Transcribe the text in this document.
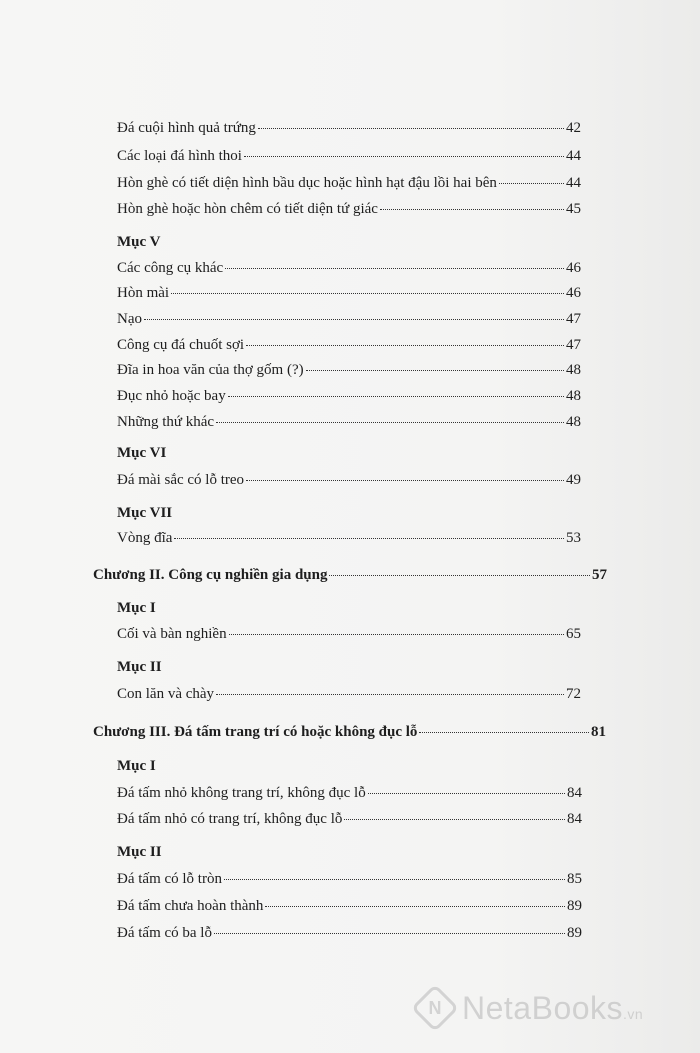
Đá cuội hình quả trứng	42
Các loại đá hình thoi	44
Hòn ghè có tiết diện hình bầu dục hoặc hình hạt đậu lồi hai bên	44
Hòn ghè hoặc hòn chêm có tiết diện tứ giác	45
Mục V
Các công cụ khác	46
Hòn mài	46
Nạo	47
Công cụ đá chuốt sợi	47
Đĩa in hoa văn của thợ gốm (?)	48
Đục nhỏ hoặc bay	48
Những thứ khác	48
Mục VI
Đá mài sắc có lỗ treo	49
Mục VII
Vòng đĩa	53
Chương II. Công cụ nghiền gia dụng	57
Mục I
Cối và bàn nghiền	65
Mục II
Con lăn và chày	72
Chương III. Đá tấm trang trí có hoặc không đục lỗ	81
Mục I
Đá tấm nhỏ không trang trí, không đục lỗ	84
Đá tấm nhỏ có trang trí, không đục lỗ	84
Mục II
Đá tấm có lỗ tròn	85
Đá tấm chưa hoàn thành	89
Đá tấm có ba lỗ	89
N NetaBooks.vn
